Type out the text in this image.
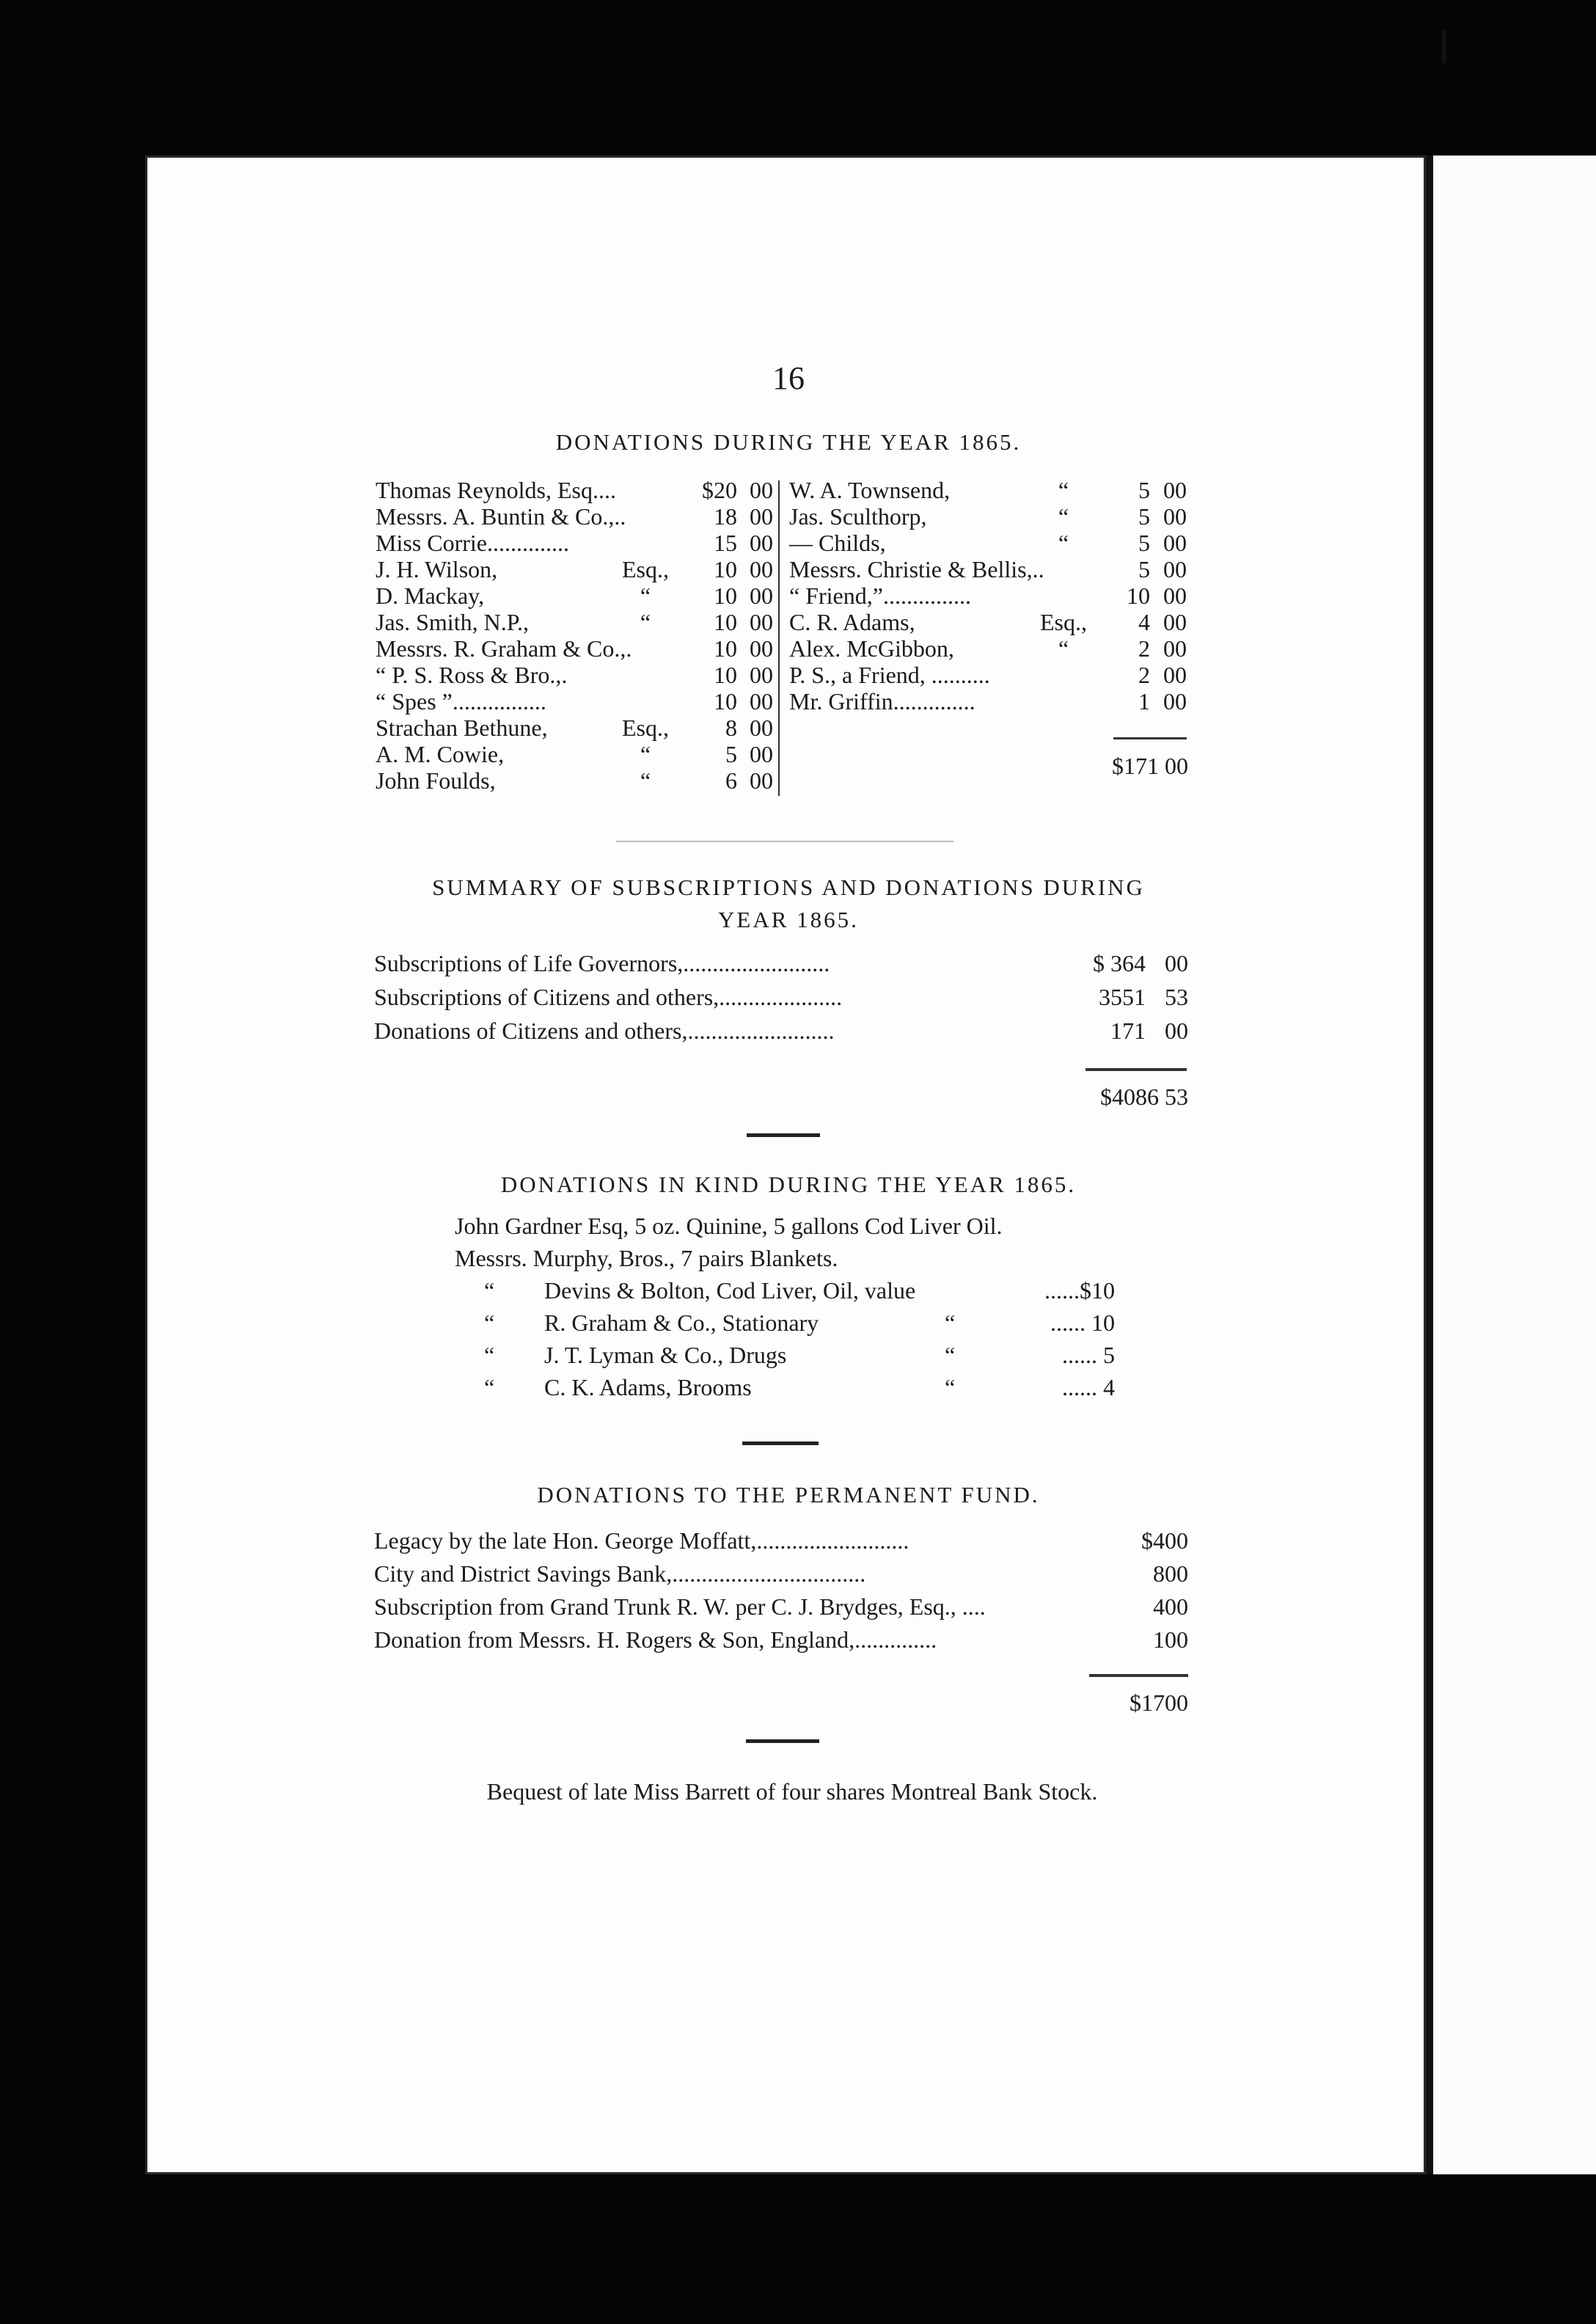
16
DONATIONS DURING THE YEAR 1865.
Thomas Reynolds, Esq....	$20 00
Messrs. A. Buntin & Co.,..	18 00
Miss Corrie..............	15 00
J. H. Wilson,	Esq.,	10 00
D. Mackay,	“	10 00
Jas. Smith, N.P.,	“	10 00
Messrs. R. Graham & Co.,.	10 00
“ P. S. Ross & Bro.,.	10 00
“ Spes ”................	10 00
Strachan Bethune,	Esq.,	8 00
A. M. Cowie,	“	5 00
John Foulds,	“	6 00
W. A. Townsend,	“	5 00
Jas. Sculthorp,	“	5 00
— Childs,	“	5 00
Messrs. Christie & Bellis,..	5 00
“ Friend,”...............	10 00
C. R. Adams,	Esq.,	4 00
Alex. McGibbon,	“	2 00
P. S., a Friend, ..........	2 00
Mr. Griffin..............	1 00
$171 00
SUMMARY OF SUBSCRIPTIONS AND DONATIONS DURING
YEAR 1865.
Subscriptions of Life Governors,.........................	$ 364 00
Subscriptions of Citizens and others,.....................	3551 53
Donations of Citizens and others,.........................	171 00
$4086 53
DONATIONS IN KIND DURING THE YEAR 1865.
John Gardner Esq, 5 oz. Quinine, 5 gallons Cod Liver Oil.
Messrs. Murphy, Bros., 7 pairs Blankets.
“ Devins & Bolton, Cod Liver, Oil, value	......$10
“ R. Graham & Co., Stationary	“	...... 10
“ J. T. Lyman & Co., Drugs	“	...... 5
“ C. K. Adams, Brooms	“	...... 4
DONATIONS TO THE PERMANENT FUND.
Legacy by the late Hon. George Moffatt,..........................	$400
City and District Savings Bank,.................................	800
Subscription from Grand Trunk R. W. per C. J. Brydges, Esq., ....	400
Donation from Messrs. H. Rogers & Son, England,..............	100
$1700
Bequest of late Miss Barrett of four shares Montreal Bank Stock.
